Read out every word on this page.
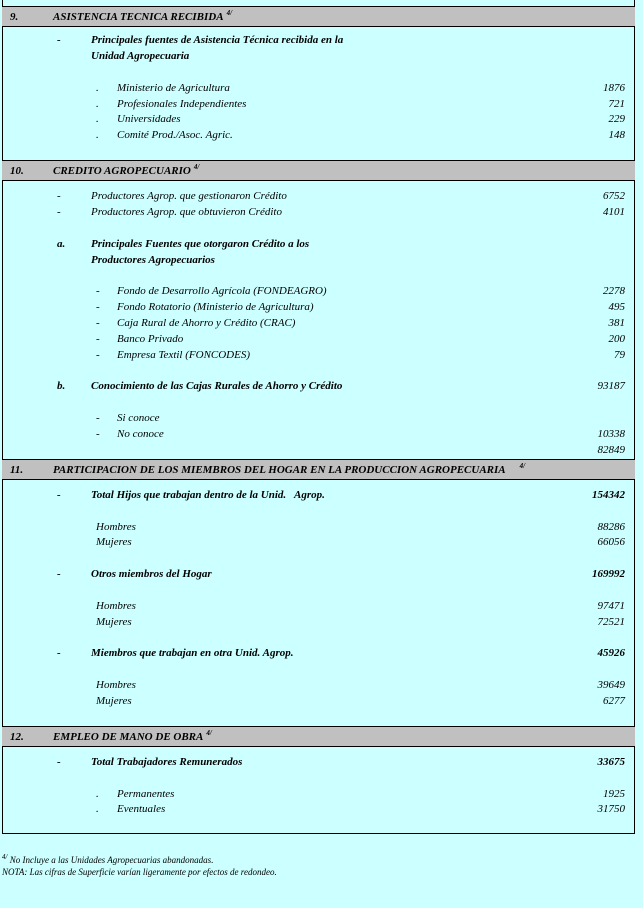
9.	ASISTENCIA TECNICA RECIBIDA $^{4/}$
-	Principales fuentes de Asistencia Técnica recibida en la
Unidad Agropecuaria
. Ministerio de Agricultura	1876
. Profesionales Independientes	721
. Universidades	229
. Comité Prod./Asoc. Agric.	148
10.	CREDITO AGROPECUARIO $^{4/}$
-	Productores Agrop. que gestionaron Crédito	6752
-	Productores Agrop. que obtuvieron Crédito	4101
a. Principales Fuentes que otorgaron Crédito a los
Productores Agropecuarios
- Fondo de Desarrollo Agrícola (FONDEAGRO)	2278
- Fondo Rotatorio (Ministerio de Agricultura)	495
- Caja Rural de Ahorro y Crédito (CRAC)	381
- Banco Privado	200
- Empresa Textil (FONCODES)	79
b. Conocimiento de las Cajas Rurales de Ahorro y Crédito	93187
- Si conoce
- No conoce	10338
82849
11.	PARTICIPACION DE LOS MIEMBROS DEL HOGAR EN LA PRODUCCION AGROPECUARIA $^{4/}$
-	Total Hijos que trabajan dentro de la Unid.   Agrop.	154342
Hombres	88286
Mujeres	66056
-	Otros miembros del Hogar	169992
Hombres	97471
Mujeres	72521
-	Miembros que trabajan en otra Unid. Agrop.	45926
Hombres	39649
Mujeres	6277
12.	EMPLEO DE MANO DE OBRA $^{4/}$
-	Total Trabajadores Remunerados	33675
. Permanentes	1925
. Eventuales	31750
$^{4/}$ No Incluye a las Unidades Agropecuarias abandonadas.
NOTA: Las cifras de Superficie varían ligeramente por efectos de redondeo.
